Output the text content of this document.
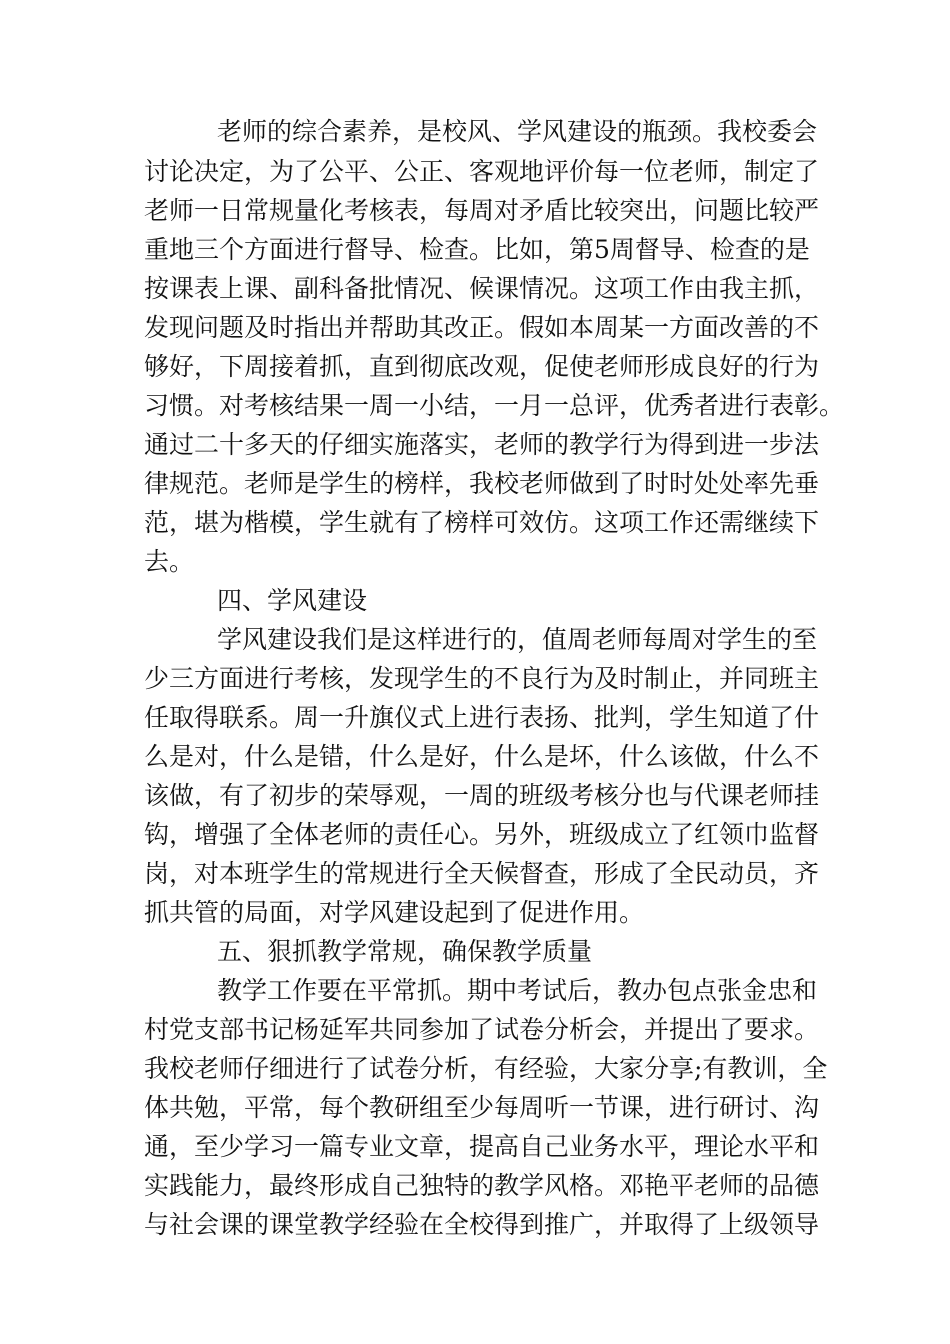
老师的综合素养，是校风、学风建设的瓶颈。我校委会

讨论决定，为了公平、公正、客观地评价每一位老师，制定了

老师一日常规量化考核表，每周对矛盾比较突出，问题比较严

重地三个方面进行督导、检查。比如，第5周督导、检查的是

按课表上课、副科备批情况、候课情况。这项工作由我主抓，

发现问题及时指出并帮助其改正。假如本周某一方面改善的不

够好，下周接着抓，直到彻底改观，促使老师形成良好的行为

习惯。对考核结果一周一小结，一月一总评，优秀者进行表彰。

通过二十多天的仔细实施落实，老师的教学行为得到进一步法

律规范。老师是学生的榜样，我校老师做到了时时处处率先垂

范，堪为楷模，学生就有了榜样可效仿。这项工作还需继续下

去。

四、学风建设

学风建设我们是这样进行的，值周老师每周对学生的至

少三方面进行考核，发现学生的不良行为及时制止，并同班主

任取得联系。周一升旗仪式上进行表扬、批判，学生知道了什

么是对，什么是错，什么是好，什么是坏，什么该做，什么不

该做，有了初步的荣辱观，一周的班级考核分也与代课老师挂

钩，增强了全体老师的责任心。另外，班级成立了红领巾监督

岗，对本班学生的常规进行全天候督查，形成了全民动员，齐

抓共管的局面，对学风建设起到了促进作用。

五、狠抓教学常规，确保教学质量

教学工作要在平常抓。期中考试后，教办包点张金忠和

村党支部书记杨延军共同参加了试卷分析会，并提出了要求。

我校老师仔细进行了试卷分析，有经验，大家分享;有教训，全

体共勉，平常，每个教研组至少每周听一节课，进行研讨、沟

通，至少学习一篇专业文章，提高自己业务水平，理论水平和

实践能力，最终形成自己独特的教学风格。邓艳平老师的品德

与社会课的课堂教学经验在全校得到推广，并取得了上级领导
